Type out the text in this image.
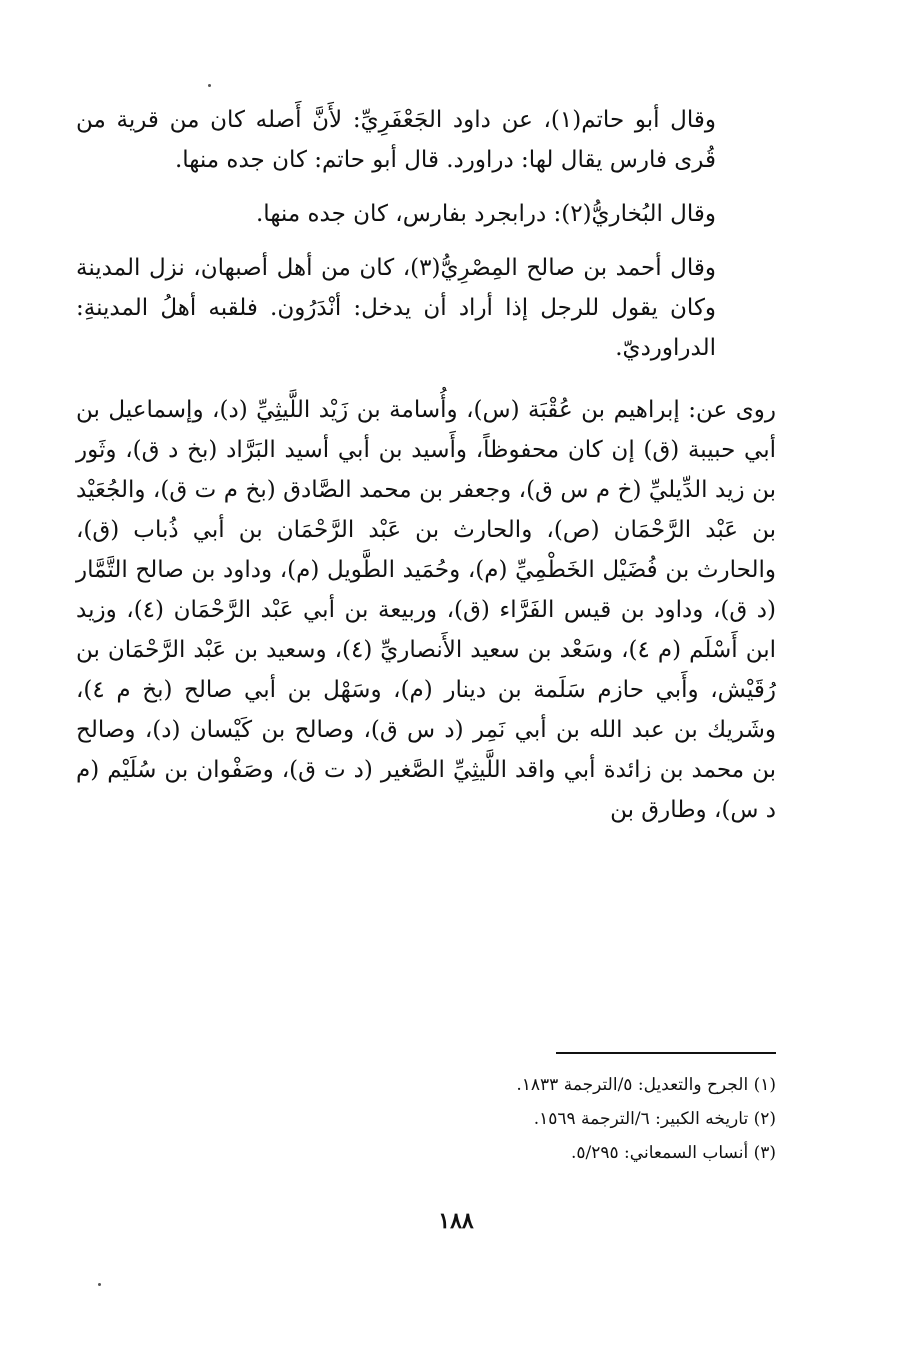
وقال أبو حاتم(١)، عن داود الجَعْفَرِيِّ: لأَنَّ أَصله كان من قرية من قُرى فارس يقال لها: دراورد. قال أبو حاتم: كان جده منها.

وقال البُخاريُّ(٢): درابجرد بفارس، كان جده منها.

وقال أحمد بن صالح المِصْرِيُّ(٣)، كان من أهل أصبهان، نزل المدينة وكان يقول للرجل إذا أراد أن يدخل: أنْدَرُون. فلقبه أهلُ المدينةِ: الدراورديّ.

روى عن: إبراهيم بن عُقْبَة (س)، وأُسامة بن زَيْد اللَّيثِيِّ (د)، وإسماعيل بن أبي حبيبة (ق) إن كان محفوظاً، وأَسيد بن أبي أسيد البَرَّاد (بخ د ق)، وثَور بن زيد الدِّيليِّ (خ م س ق)، وجعفر بن محمد الصَّادق (بخ م ت ق)، والجُعَيْد بن عَبْد الرَّحْمَان (ص)، والحارث بن عَبْد الرَّحْمَان بن أبي ذُباب (ق)، والحارث بن فُضَيْل الخَطْمِيِّ (م)، وحُمَيد الطَّويل (م)، وداود بن صالح التَّمَّار (د ق)، وداود بن قيس الفَرَّاء (ق)، وربيعة بن أبي عَبْد الرَّحْمَان (٤)، وزيد ابن أَسْلَم (م ٤)، وسَعْد بن سعيد الأَنصاريِّ (٤)، وسعيد بن عَبْد الرَّحْمَان بن رُقَيْش، وأَبي حازم سَلَمة بن دينار (م)، وسَهْل بن أبي صالح (بخ م ٤)، وشَريك بن عبد الله بن أبي نَمِر (د س ق)، وصالح بن كَيْسان (د)، وصالح بن محمد بن زائدة أبي واقد اللَّيثِيِّ الصَّغير (د ت ق)، وصَفْوان بن سُلَيْم (م د س)، وطارق بن

(١) الجرح والتعديل: ٥/الترجمة ١٨٣٣.

(٢) تاريخه الكبير: ٦/الترجمة ١٥٦٩.

(٣) أنساب السمعاني: ٥/٢٩٥.

١٨٨
